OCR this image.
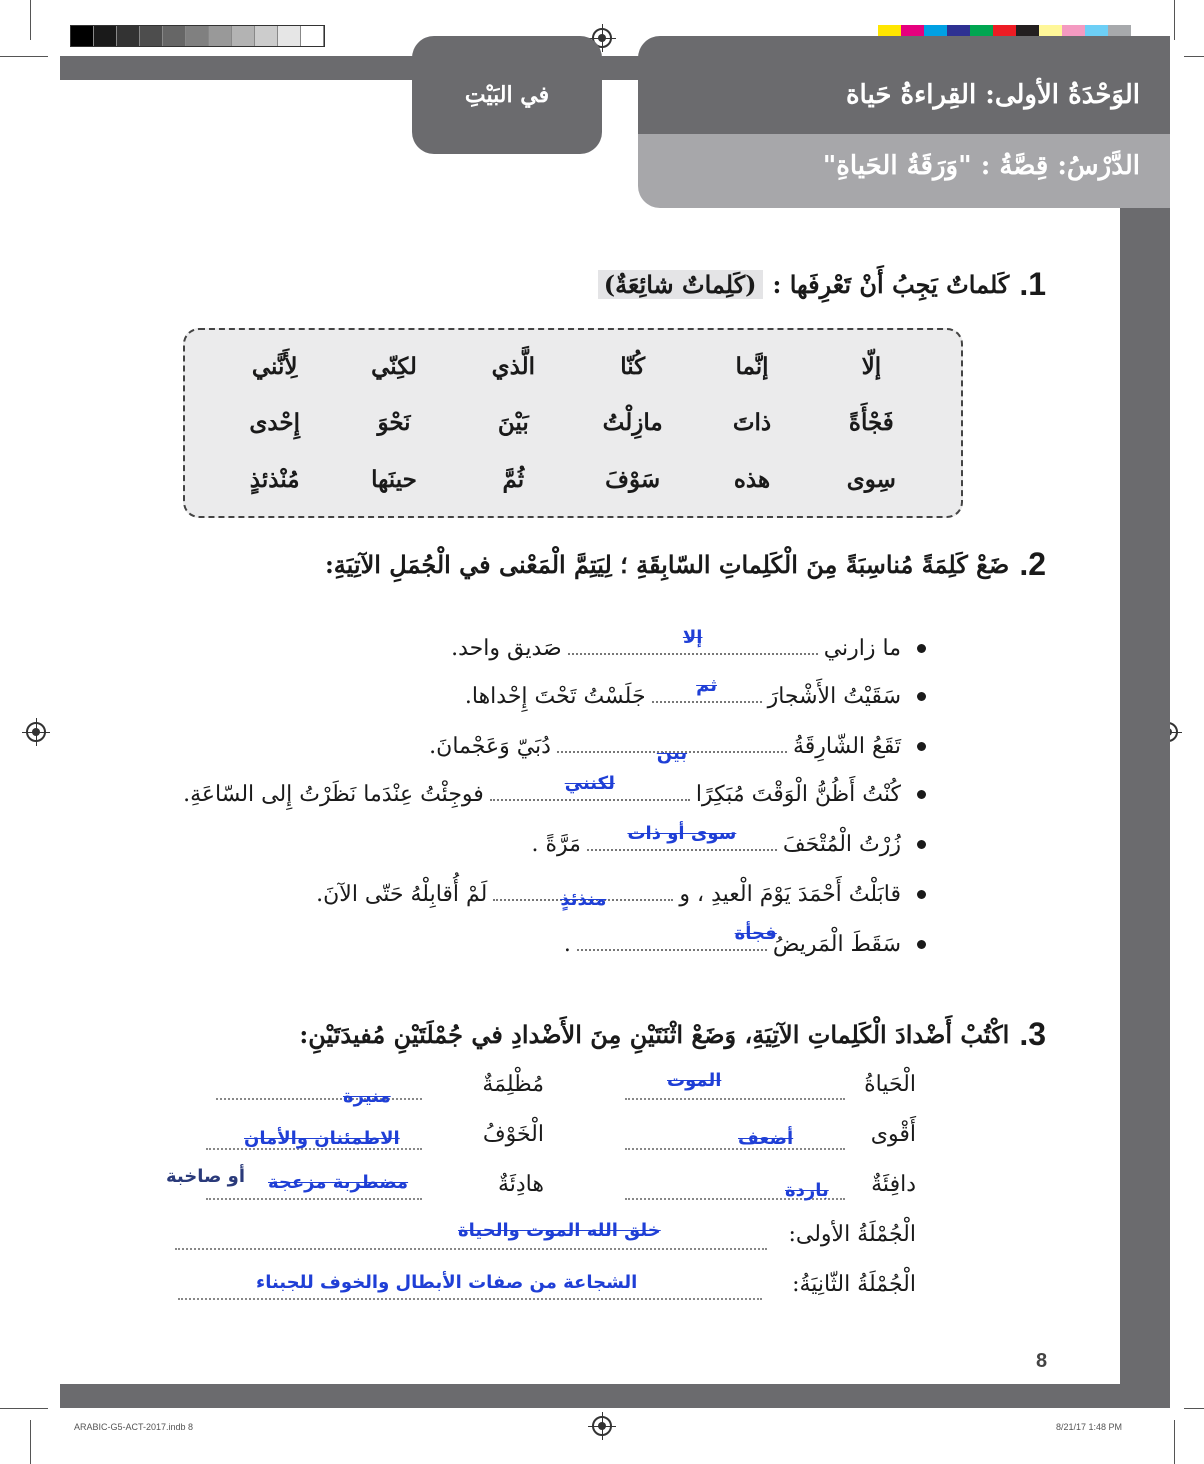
الوَحْدَةُ الأولى: القِراءةُ حَياة
الدَّرْسُ: قِصَّةُ : "وَرَقَةُ الحَياةِ"
في البَيْتِ
.1
كَلماتٌ يَجِبُ أَنْ تَعْرِفَها :
(كَلِماتٌ شائِعَةٌ)
إلّا
إنَّما
كُنّا
الَّذي
لكِنّي
لِأَنَّني
فَجْأَةً
ذاتَ
مازِلْتُ
بَيْنَ
نَحْوَ
إِحْدى
سِوى
هذه
سَوْفَ
ثُمَّ
حينَها
مُنْذئذٍ
.2
ضَعْ كَلِمَةً مُناسِبَةً مِنَ الْكَلِماتِ السّابِقَةِ ؛ لِيَتِمَّ الْمَعْنى في الْجُمَلِ الآتِيَةِ:
ما زارني
إلا
صَديق واحد.
سَقَيْتُ الأَشْجارَ
ثم
جَلَسْتُ تَحْتَ إِحْداها.
تَقَعُ الشّارِقَةُ
بين
دُبَيّ وَعَجْمانَ.
كُنْتُ أَظُنُّ الْوَقْتَ مُبَكِرًا
لكنني
فوجِئْتُ عِنْدَما نَظَرْتُ إِلى السّاعَةِ.
زُرْتُ الْمُتْحَفَ
سوى أو ذات
مَرَّةً .
قابَلْتُ أَحْمَدَ يَوْمَ الْعيدِ ، و
منذئذٍ
لَمْ أُقابِلْهُ حَتّى الآنَ.
سَقَطَ الْمَريضُ
فجأة
.
.3
اكْتُبْ أَضْدادَ الْكَلِماتِ الآتِيَةِ، وَضَعْ اثْنَتَيْنِ مِنَ الأَضْدادِ في جُمْلَتَيْنِ مُفيدَتَيْنِ:
الْحَياةُ
الموت
أَقْوى
أضعف
دافِئَةٌ
باردة
مُظْلِمَةٌ
منيرة
الْخَوْفُ
الاطمئنان والأمان
هادِئَةٌ
مضطربة مزعجة
أو صاخبة
الْجُمْلَةُ الأولى:
خلق الله الموت والحياة
الْجُمْلَةُ الثّانِيَةُ:
الشجاعة من صفات الأبطال والخوف للجبناء
8
ARABIC-G5-ACT-2017.indb 8	8/21/17 1:48 PM
